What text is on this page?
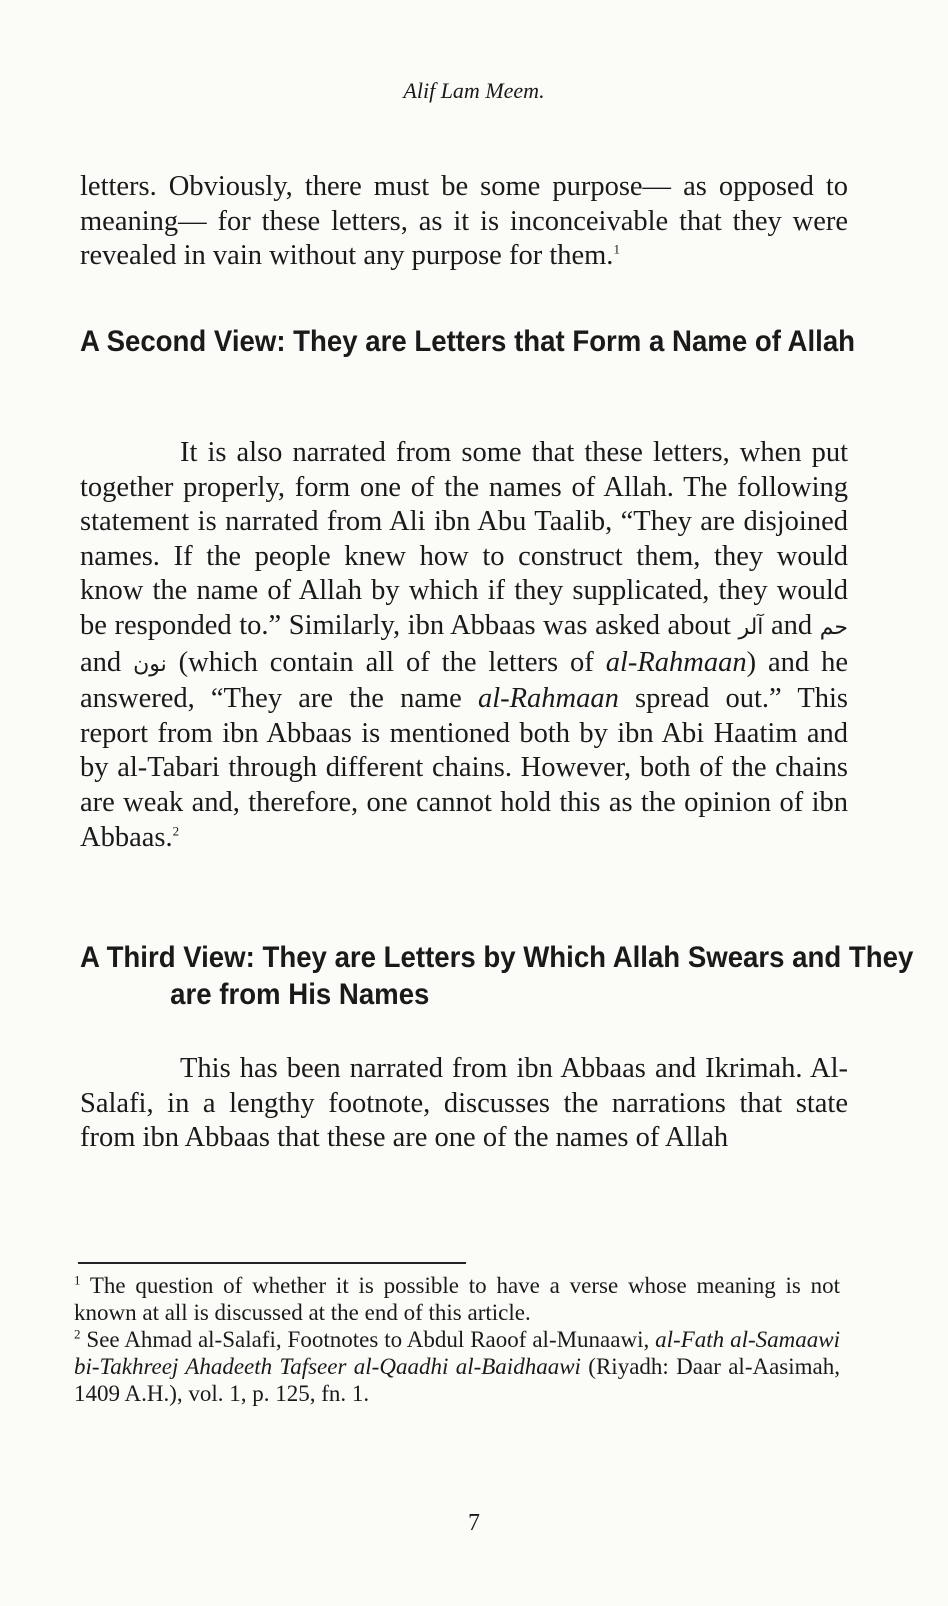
Alif Lam Meem.

letters. Obviously, there must be some purpose— as opposed to meaning— for these letters, as it is inconceivable that they were revealed in vain without any purpose for them.$^1$

A Second View: They are Letters that Form a Name of Allah

It is also narrated from some that these letters, when put together properly, form one of the names of Allah. The following statement is narrated from Ali ibn Abu Taalib, “They are disjoined names. If the people knew how to construct them, they would know the name of Allah by which if they supplicated, they would be responded to.” Similarly, ibn Abbaas was asked about آلر and حم and نون (which contain all of the letters of al-Rahmaan) and he answered, “They are the name al-Rahmaan spread out.” This report from ibn Abbaas is mentioned both by ibn Abi Haatim and by al-Tabari through different chains. However, both of the chains are weak and, therefore, one cannot hold this as the opinion of ibn Abbaas.$^2$

A Third View: They are Letters by Which Allah Swears and They are from His Names

This has been narrated from ibn Abbaas and Ikrimah. Al-Salafi, in a lengthy footnote, discusses the narrations that state from ibn Abbaas that these are one of the names of Allah

$^1$ The question of whether it is possible to have a verse whose meaning is not known at all is discussed at the end of this article.

$^2$ See Ahmad al-Salafi, Footnotes to Abdul Raoof al-Munaawi, al-Fath al-Samaawi bi-Takhreej Ahadeeth Tafseer al-Qaadhi al-Baidhaawi (Riyadh: Daar al-Aasimah, 1409 A.H.), vol. 1, p. 125, fn. 1.

7
